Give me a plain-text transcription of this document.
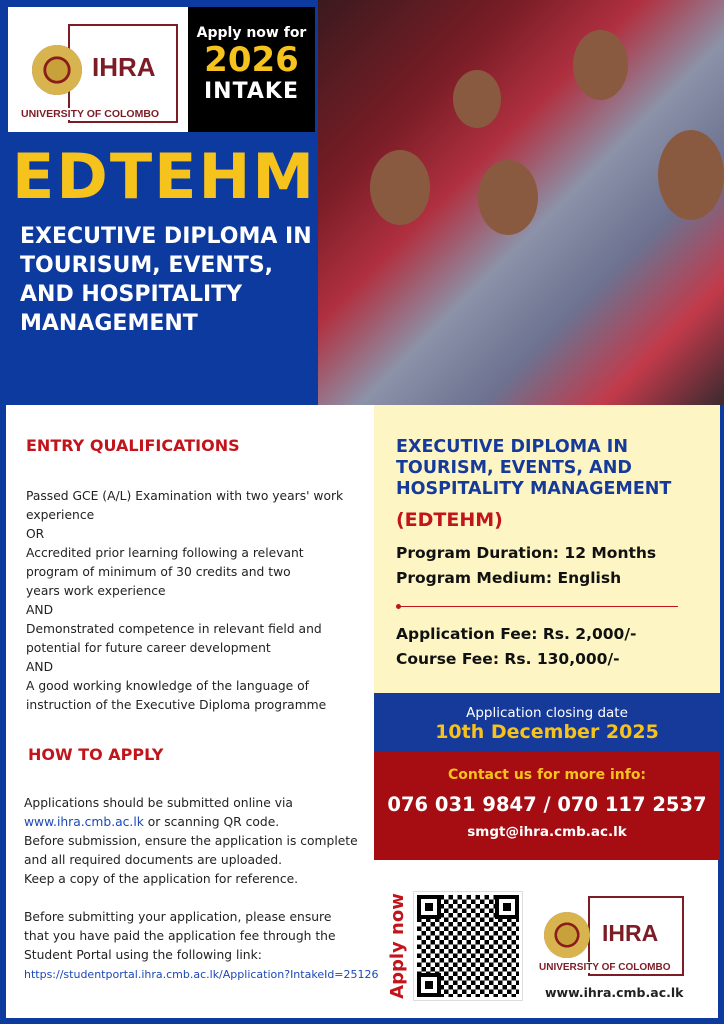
IHRA
UNIVERSITY OF COLOMBO
Apply now for
2026
INTAKE
EDTEHM
EXECUTIVE DIPLOMA IN TOURISUM, EVENTS, AND HOSPITALITY MANAGEMENT
ENTRY QUALIFICATIONS
Passed GCE (A/L) Examination with two years' work
experience
OR
Accredited prior learning following a relevant
program of minimum of 30 credits and two
years work experience
AND
Demonstrated competence in relevant field and
potential for future career development
AND
A good working knowledge of the language of
instruction of the Executive Diploma programme
HOW TO APPLY
Applications should be submitted online via
www.ihra.cmb.ac.lk or scanning QR code.
Before submission, ensure the application is complete
and all required documents are uploaded.
Keep a copy of the application for reference.
Before submitting your application, please ensure
that you have paid the application fee through the
Student Portal using the following link:
https://studentportal.ihra.cmb.ac.lk/Application?IntakeId=25126
EXECUTIVE DIPLOMA IN
TOURISM, EVENTS, AND
HOSPITALITY MANAGEMENT
(EDTEHM)
Program Duration: 12 Months
Program Medium: English
Application Fee: Rs. 2,000/-
Course Fee: Rs. 130,000/-
Application closing date
10th December 2025
Contact us for more info:
076 031 9847 / 070 117 2537
smgt@ihra.cmb.ac.lk
Apply now	IHRA
UNIVERSITY OF COLOMBO
www.ihra.cmb.ac.lk
